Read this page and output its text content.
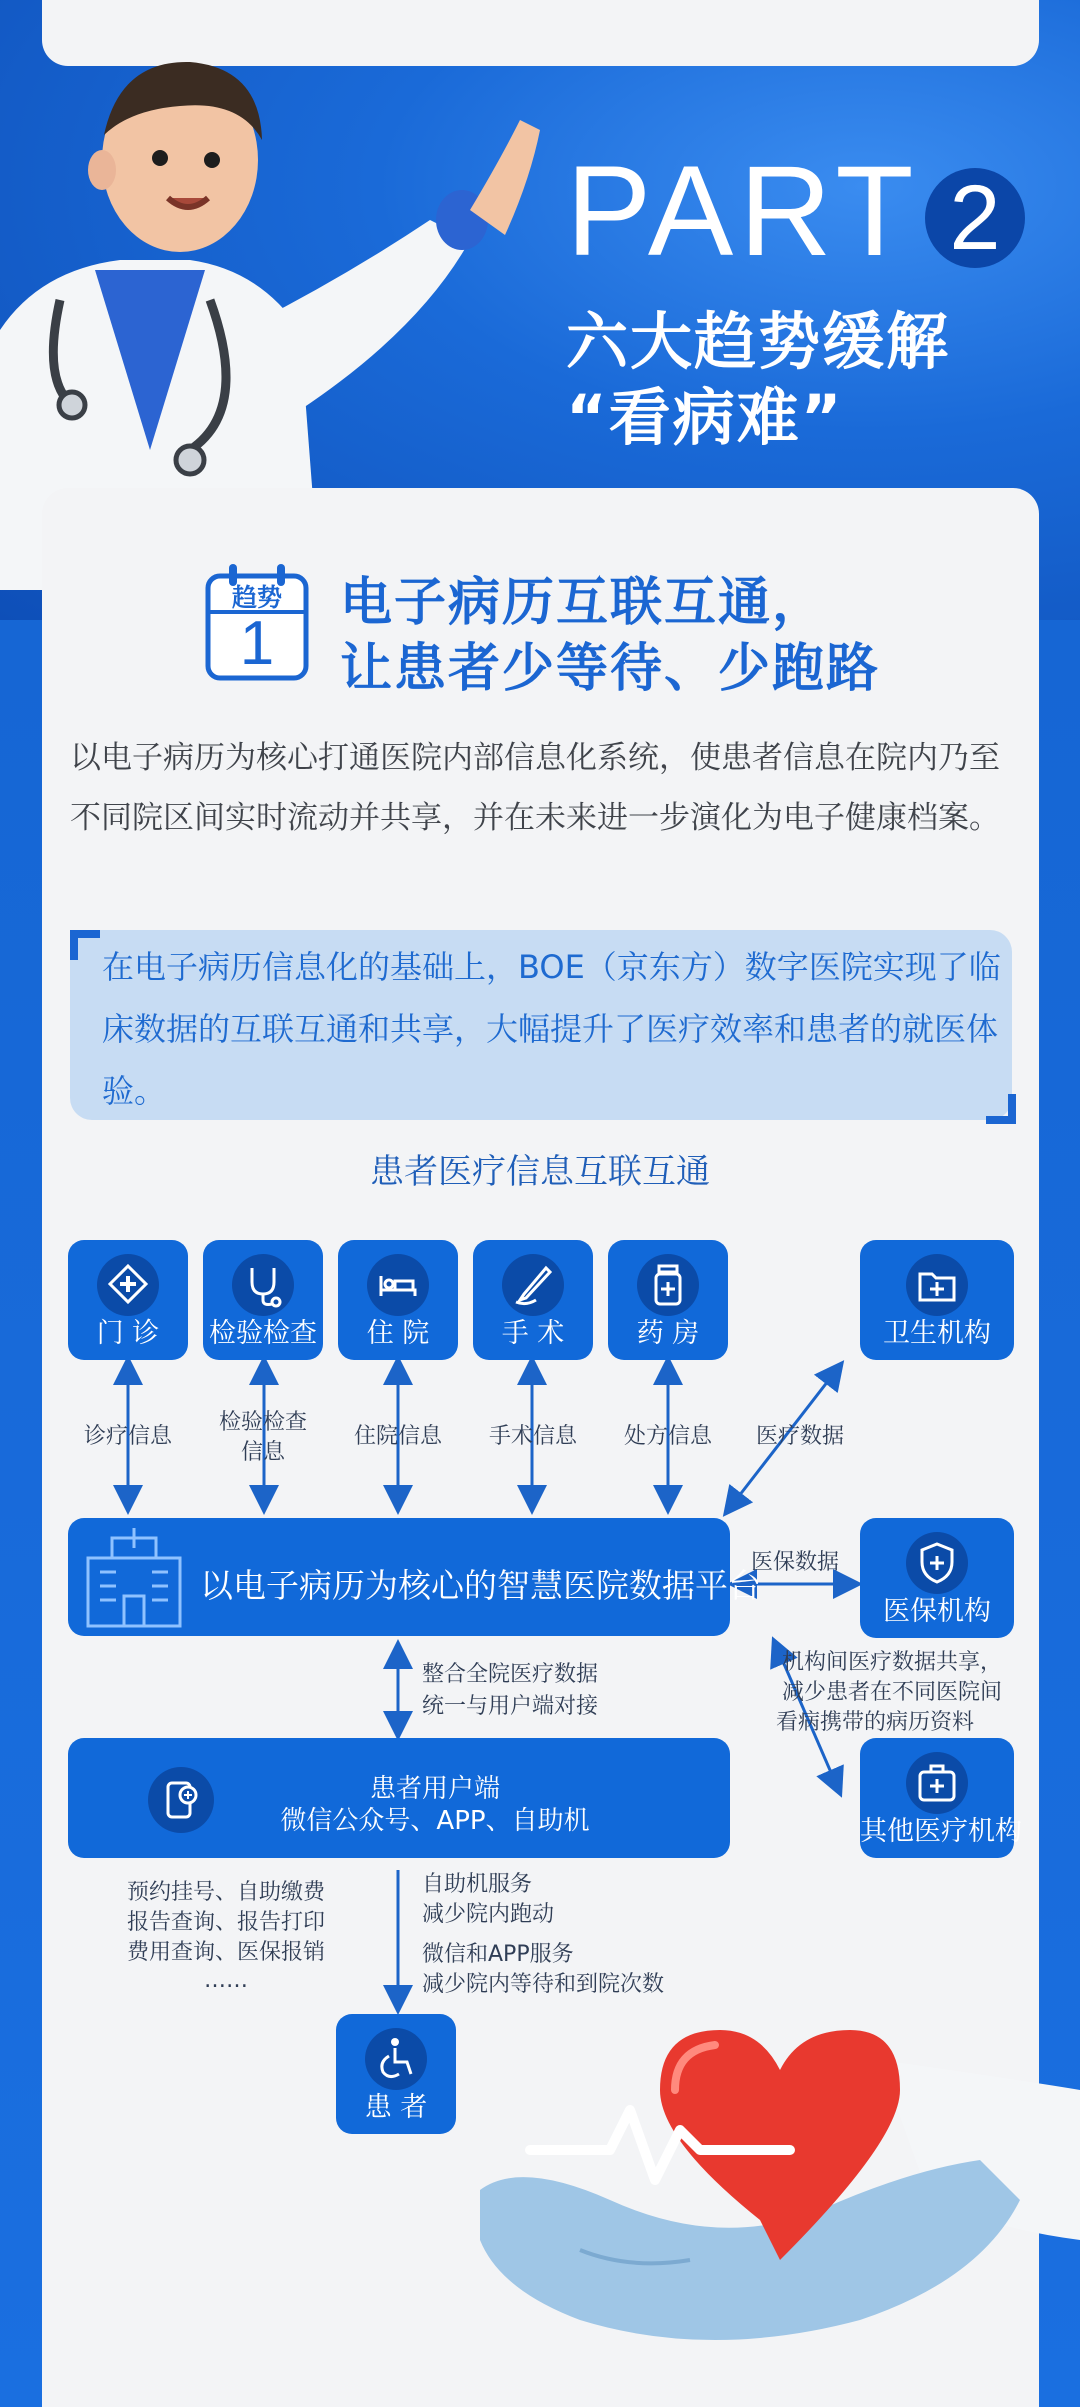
PART 2
六大趋势缓解
“看病难”
趋势
1
电子病历互联互通，
让患者少等待、少跑路
以电子病历为核心打通医院内部信息化系统，使患者信息在院内乃至不同院区间实时流动并共享，并在未来进一步演化为电子健康档案。
在电子病历信息化的基础上，BOE（京东方）数字医院实现了临床数据的互联互通和共享，大幅提升了医疗效率和患者的就医体验。
患者医疗信息互联互通
门 诊	检验检查	住 院	手 术	药 房	卫生机构
诊疗信息
检验检查
信息
住院信息	手术信息	处方信息	医疗数据
以电子病历为核心的智慧医院数据平台
医保机构
医保数据
机构间医疗数据共享，
减少患者在不同医院间
看病携带的病历资料
其他医疗机构
整合全院医疗数据
统一与用户端对接
患者用户端
微信公众号、APP、自助机
预约挂号、自助缴费
报告查询、报告打印
费用查询、医保报销
……
自助机服务
减少院内跑动
微信和APP服务
减少院内等待和到院次数
患 者
